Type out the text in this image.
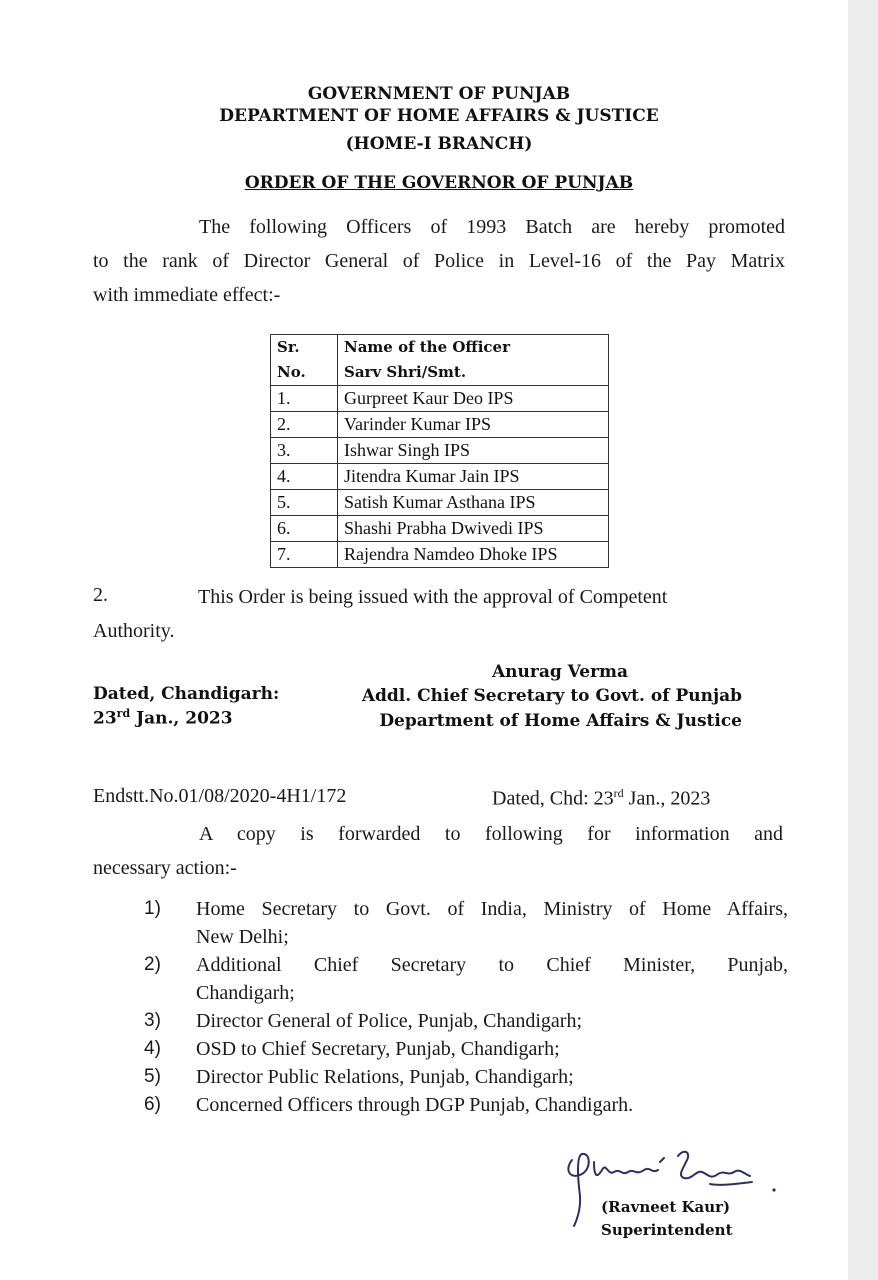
GOVERNMENT OF PUNJAB
DEPARTMENT OF HOME AFFAIRS & JUSTICE
(HOME-I BRANCH)
ORDER OF THE GOVERNOR OF PUNJAB
The following Officers of 1993 Batch are hereby promoted
to the rank of Director General of Police in Level-16 of the Pay Matrix
with immediate effect:-
Sr.	Name of the Officer
No.	Sarv Shri/Smt.
1.	Gurpreet Kaur Deo IPS
2.	Varinder Kumar IPS
3.	Ishwar Singh IPS
4.	Jitendra Kumar Jain IPS
5.	Satish Kumar Asthana IPS
6.	Shashi Prabha Dwivedi IPS
7.	Rajendra Namdeo Dhoke IPS
2.	This Order is being issued with the approval of Competent
Authority.
Anurag Verma
Addl. Chief Secretary to Govt. of Punjab
Department of Home Affairs & Justice
Dated, Chandigarh:
23rd Jan., 2023
Endstt.No.01/08/2020-4H1/172	Dated, Chd: 23rd Jan., 2023
A copy is forwarded to following for information and
necessary action:-
1)	Home Secretary to Govt. of India, Ministry of Home Affairs,
New Delhi;
2)	Additional Chief Secretary to Chief Minister, Punjab,
Chandigarh;
3)	Director General of Police, Punjab, Chandigarh;
4)	OSD to Chief Secretary, Punjab, Chandigarh;
5)	Director Public Relations, Punjab, Chandigarh;
6)	Concerned Officers through DGP Punjab, Chandigarh.
(Ravneet Kaur)
Superintendent
